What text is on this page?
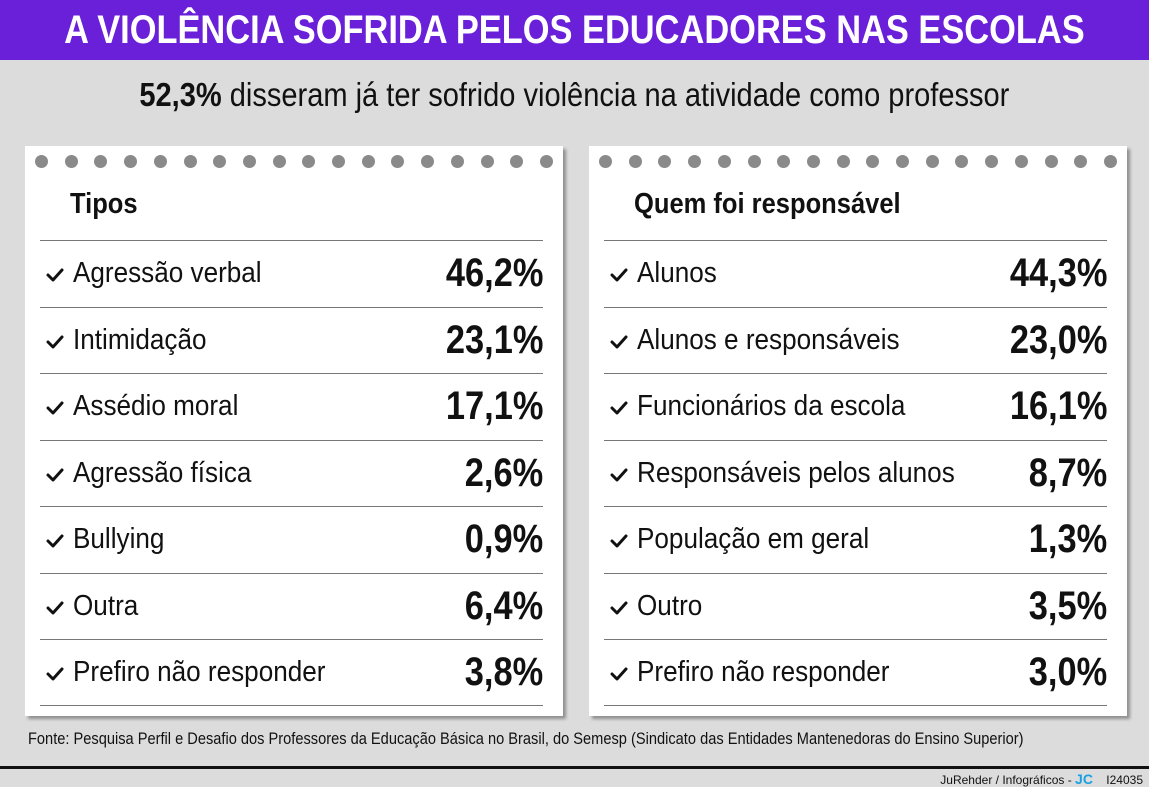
A VIOLÊNCIA SOFRIDA PELOS EDUCADORES NAS ESCOLAS
52,3% disseram já ter sofrido violência na atividade como professor
Tipos
Agressão verbal	46,2%
Intimidação	23,1%
Assédio moral	17,1%
Agressão física	2,6%
Bullying	0,9%
Outra	6,4%
Prefiro não responder	3,8%
Quem foi responsável
Alunos	44,3%
Alunos e responsáveis	23,0%
Funcionários da escola	16,1%
Responsáveis pelos alunos	8,7%
População em geral	1,3%
Outro	3,5%
Prefiro não responder	3,0%
Fonte: Pesquisa Perfil e Desafio dos Professores da Educação Básica no Brasil, do Semesp (Sindicato das Entidades Mantenedoras do Ensino Superior)
JuRehder / Infográficos - JC I24035
